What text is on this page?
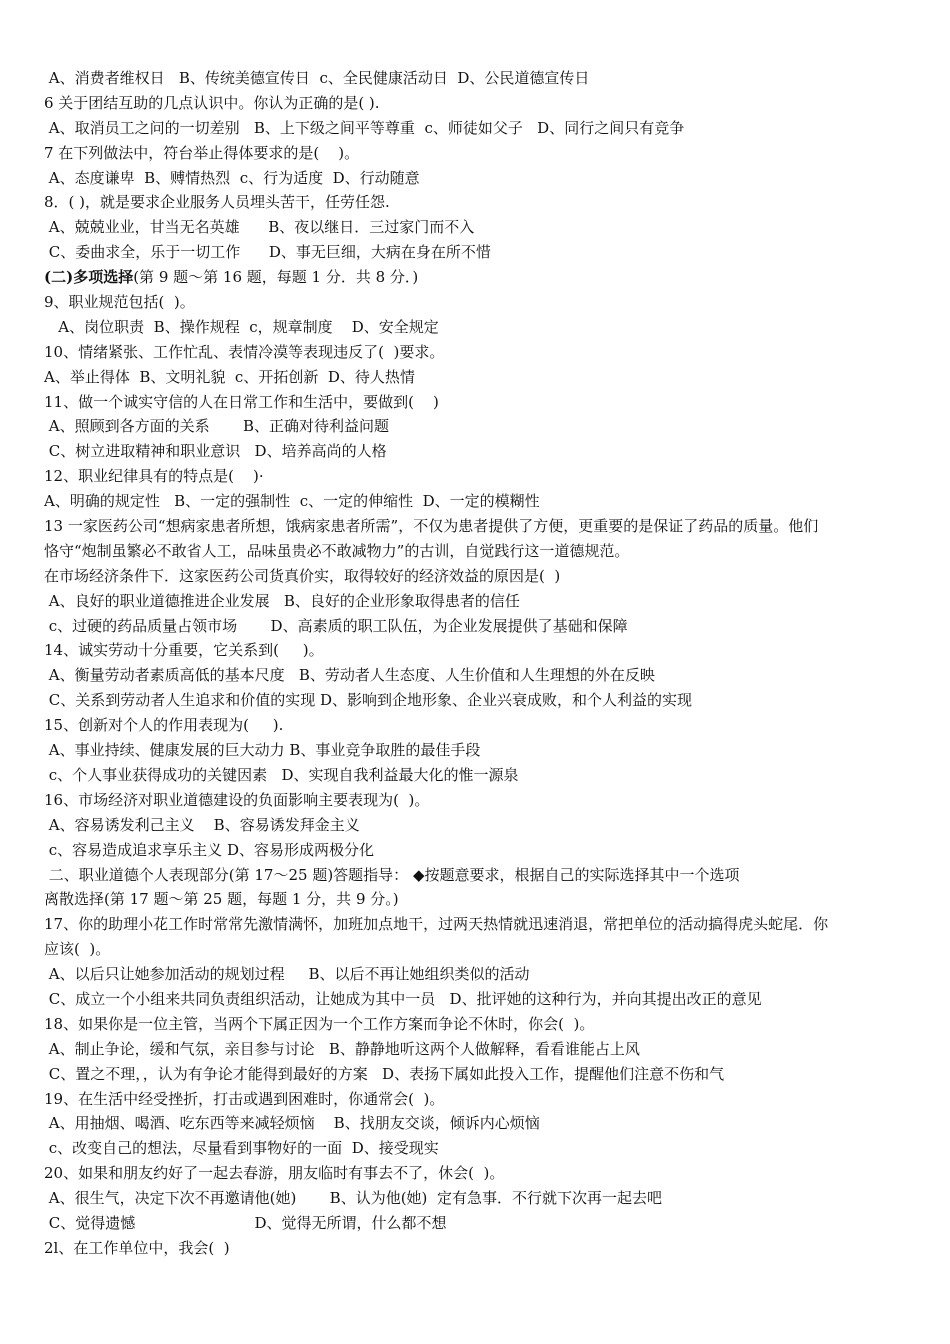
A、消费者维权日   B、传统美德宣传日  c、全民健康活动日  D、公民道德宣传日
6 关于团结互助的几点认识中。你认为正确的是( ).
A、取消员工之问的一切差别   B、上下级之间平等尊重  c、师徒如父子   D、同行之间只有竞争
7 在下列做法中，符台举止得体要求的是(    )。
A、态度谦卑  B、赙情热烈  c、行为适度  D、行动随意
8．( )，就是要求企业服务人员埋头苦干，任劳任怨.
A、兢兢业业，甘当无名英雄      B、夜以继日．三过家门而不入
C、委曲求全，乐于一切工作      D、事无巨细，大病在身在所不惜
(二)多项选择(第 9 题～第 16 题，每题 1 分．共 8 分．)
9、职业规范包括(  )。
A、岗位职责  B、操作规程  c，规章制度    D、安全规定
10、情绪紧张、工作忙乱、表情冷漠等表现违反了(  )要求。
A、举止得体  B、文明礼貌  c、开拓创新  D、待人热情
11、做一个诚实守信的人在日常工作和生活中，要做到(    )
A、照顾到各方面的关系       B、正确对待利益问题
C、树立进取精神和职业意识   D、培养高尚的人格
12、职业纪律具有的特点是(    )·
A、明确的规定性   B、一定的强制性  c、一定的伸缩性  D、一定的模糊性
13 一家医药公司“想病家患者所想，饿病家患者所需”，不仅为患者提供了方便，更重要的是保证了药品的质量。他们
恪守“炮制虽繁必不敢省人工，品味虽贵必不敢减物力”的古训，自觉践行这一道德规范。
在市场经济条件下．这家医药公司货真价实，取得较好的经济效益的原因是(  )
A、良好的职业道德推进企业发展   B、良好的企业形象取得患者的信任
c、过硬的药品质量占领市场       D、高素质的职工队伍，为企业发展提供了基础和保障
14、诚实劳动十分重要，它关系到(     )。
A、衡量劳动者素质高低的基本尺度   B、劳动者人生态度、人生价值和人生理想的外在反映
C、关系到劳动者人生追求和价值的实现 D、影响到企地形象、企业兴衰成败，和个人利益的实现
15、创新对个人的作用表现为(     ).
A、事业持续、健康发展的巨大动力 B、事业竞争取胜的最佳手段
c、个人事业获得成功的关键因素   D、实现自我利益最大化的惟一源泉
16、市场经济对职业道德建设的负面影响主要表现为(  )。
A、容易诱发利己主义    B、容易诱发拜金主义
c、容易造成追求享乐主义 D、容易形成两极分化
二、职业道德个人表现部分(第 17～25 题)答题指导： ◆按题意要求，根据自己的实际选择其中一个选项
离散选择(第 17 题～第 25 题，每题 1 分，共 9 分。)
17、你的助理小花工作时常常先激情满怀，加班加点地干，过两天热情就迅速消退，常把单位的活动搞得虎头蛇尾．你
应该(  )。
A、以后只让她参加活动的规划过程     B、以后不再让她组织类似的活动
C、成立一个小组来共同负责组织活动，让她成为其中一员   D、批评她的这种行为，并向其提出改正的意见
18、如果你是一位主管，当两个下属正因为一个工作方案而争论不休时，你会(  )。
A、制止争论，缓和气氛，亲目参与讨论   B、静静地听这两个人做解释，看看谁能占上风
C、置之不理，，认为有争论才能得到最好的方案   D、表扬下属如此投入工作，提醒他们注意不伤和气
19、在生活中经受挫折，打击或遇到困难时，你通常会(  )。
A、用抽烟、喝酒、吃东西等来减轻烦恼    B、找朋友交谈，倾诉内心烦恼
c、改变自己的想法，尽量看到事物好的一面  D、接受现实
20、如果和朋友约好了一起去春游，朋友临时有事去不了，休会(  )。
A、很生气，决定下次不再邀请他(她)       B、认为他(她)  定有急事．不行就下次再一起去吧
C、觉得遗憾                         D、觉得无所谓，什么都不想
2l、在工作单位中，我会(  )
